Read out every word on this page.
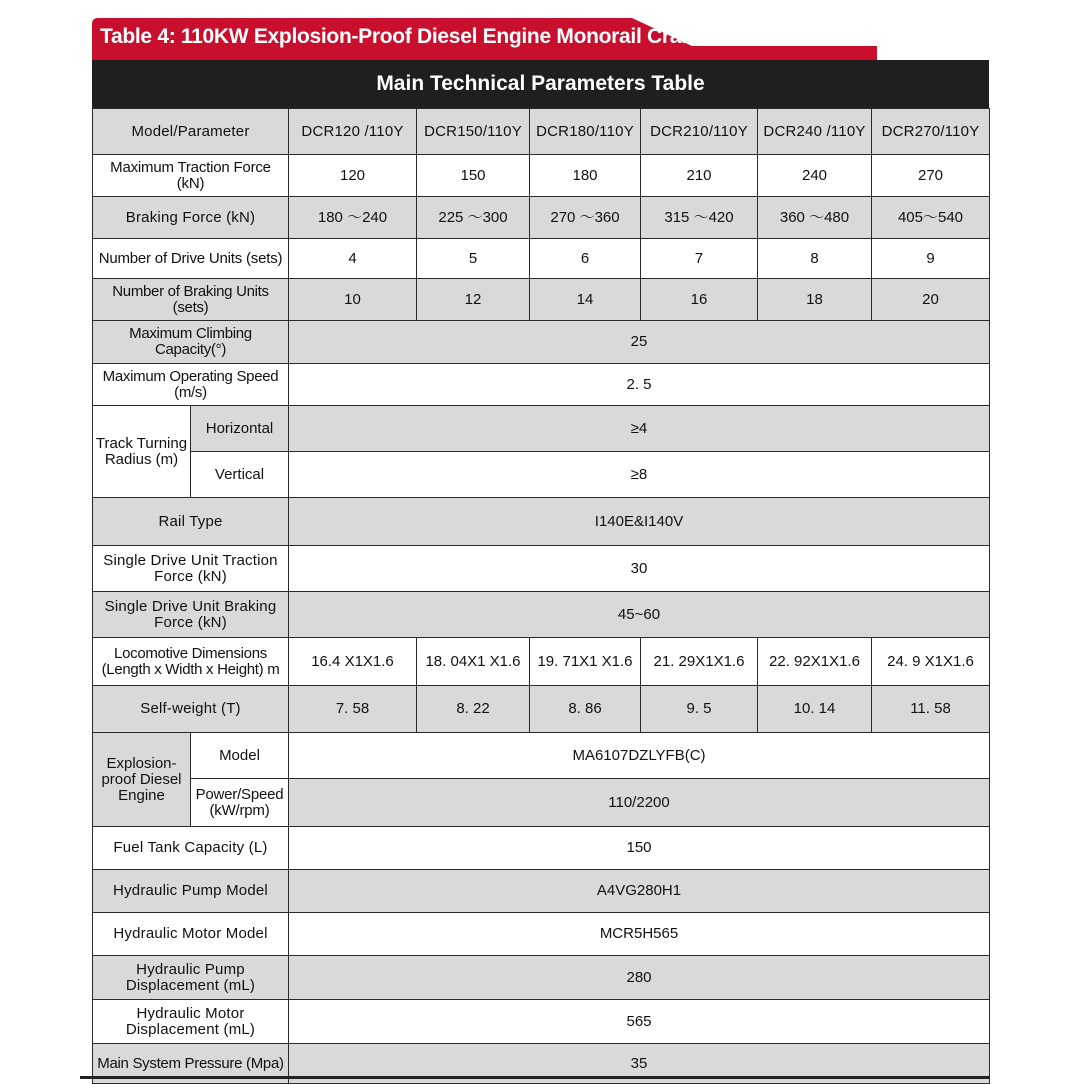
Table 4: 110KW Explosion-Proof Diesel Engine Monorail Crane
Main Technical Parameters Table
Model/Parameter		DCR120 /110Y	DCR150/110Y	DCR180/110Y	DCR210/110Y	DCR240 /110Y	DCR270/110Y
Maximum Traction Force (kN)		120	150	180	210	240	270
Braking Force (kN)		180 ～240	225 ～300	270 ～360	315 ～420	360 ～480	405～540
Number of Drive Units (sets)		4	5	6	7	8	9
Number of Braking Units (sets)		10	12	14	16	18	20
Maximum Climbing Capacity(°)		25					
Maximum Operating Speed (m/s)		2. 5					
Track Turning Radius (m)	Horizontal	≥4					
	Vertical	≥8					
Rail Type		I140E&I140V					
Single Drive Unit Traction Force (kN)		30					
Single Drive Unit Braking Force (kN)		45~60					
Locomotive Dimensions (Length x Width x Height) m		16.4 X1X1.6	18. 04X1 X1.6	19. 71X1 X1.6	21. 29X1X1.6	22. 92X1X1.6	24. 9 X1X1.6
Self-weight (T)		7. 58	8. 22	8. 86	9. 5	10. 14	11. 58
Explosion-proof Diesel Engine	Model	MA6107DZLYFB(C)					
	Power/Speed (kW/rpm)	110/2200					
Fuel Tank Capacity (L)		150					
Hydraulic Pump Model		A4VG280H1					
Hydraulic Motor Model		MCR5H565					
Hydraulic Pump Displacement (mL)		280					
Hydraulic Motor Displacement (mL)		565					
Main System Pressure (Mpa)		35					
